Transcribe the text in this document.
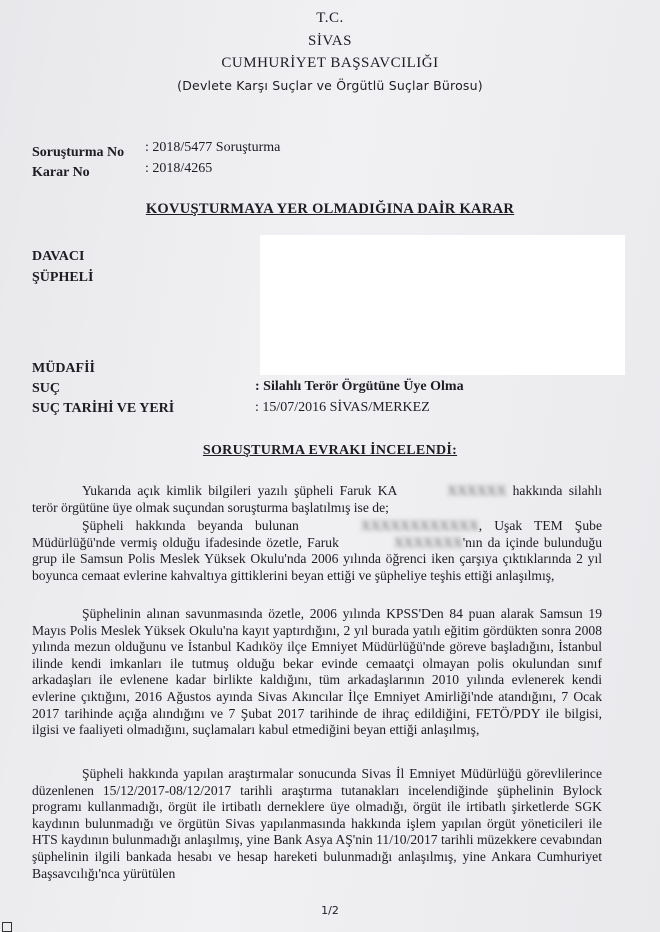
T.C.
SİVAS
CUMHURİYET BAŞSAVCILIĞI
(Devlete Karşı Suçlar ve Örgütlü Suçlar Bürosu)
Soruşturma No : 2018/5477 Soruşturma
Karar No	: 2018/4265
KOVUŞTURMAYA YER OLMADIĞINA DAİR KARAR
DAVACI
ŞÜPHELİ
MÜDAFİİ
SUÇ	: Silahlı Terör Örgütüne Üye Olma
SUÇ TARİHİ VE YERİ	: 15/07/2016 SİVAS/MERKEZ
SORUŞTURMA EVRAKI İNCELENDİ:
Yukarıda açık kimlik bilgileri yazılı şüpheli Faruk KA	XXXXXX hakkında silahlı terör örgütüne üye olmak suçundan soruşturma başlatılmış ise de;
Şüpheli hakkında beyanda bulunan	XXXXXXXXXXXX, Uşak TEM Şube Müdürlüğü'nde vermiş olduğu ifadesinde özetle, Faruk	XXXXXXX'nın da içinde bulunduğu grup ile Samsun Polis Meslek Yüksek Okulu'nda 2006 yılında öğrenci iken çarşıya çıktıklarında 2 yıl boyunca cemaat evlerine kahvaltıya gittiklerini beyan ettiği ve şüpheliye teşhis ettiği anlaşılmış,
Şüphelinin alınan savunmasında özetle, 2006 yılında KPSS'Den 84 puan alarak Samsun 19 Mayıs Polis Meslek Yüksek Okulu'na kayıt yaptırdığını, 2 yıl burada yatılı eğitim gördükten sonra 2008 yılında mezun olduğunu ve İstanbul Kadıköy ilçe Emniyet Müdürlüğü'nde göreve başladığını, İstanbul ilinde kendi imkanları ile tutmuş olduğu bekar evinde cemaatçi olmayan polis okulundan sınıf arkadaşları ile evlenene kadar birlikte kaldığını, tüm arkadaşlarının 2010 yılında evlenerek kendi evlerine çıktığını, 2016 Ağustos ayında Sivas Akıncılar İlçe Emniyet Amirliği'nde atandığını, 7 Ocak 2017 tarihinde açığa alındığını ve 7 Şubat 2017 tarihinde de ihraç edildiğini, FETÖ/PDY ile bilgisi, ilgisi ve faaliyeti olmadığını, suçlamaları kabul etmediğini beyan ettiği anlaşılmış,
Şüpheli hakkında yapılan araştırmalar sonucunda Sivas İl Emniyet Müdürlüğü görevlilerince düzenlenen 15/12/2017-08/12/2017 tarihli araştırma tutanakları incelendiğinde şüphelinin Bylock programı kullanmadığı, örgüt ile irtibatlı derneklere üye olmadığı, örgüt ile irtibatlı şirketlerde SGK kaydının bulunmadığı ve örgütün Sivas yapılanmasında hakkında işlem yapılan örgüt yöneticileri ile HTS kaydının bulunmadığı anlaşılmış, yine Bank Asya AŞ'nin 11/10/2017 tarihli müzekkere cevabından şüphelinin ilgili bankada hesabı ve hesap hareketi bulunmadığı anlaşılmış, yine Ankara Cumhuriyet Başsavcılığı'nca yürütülen
1/2
